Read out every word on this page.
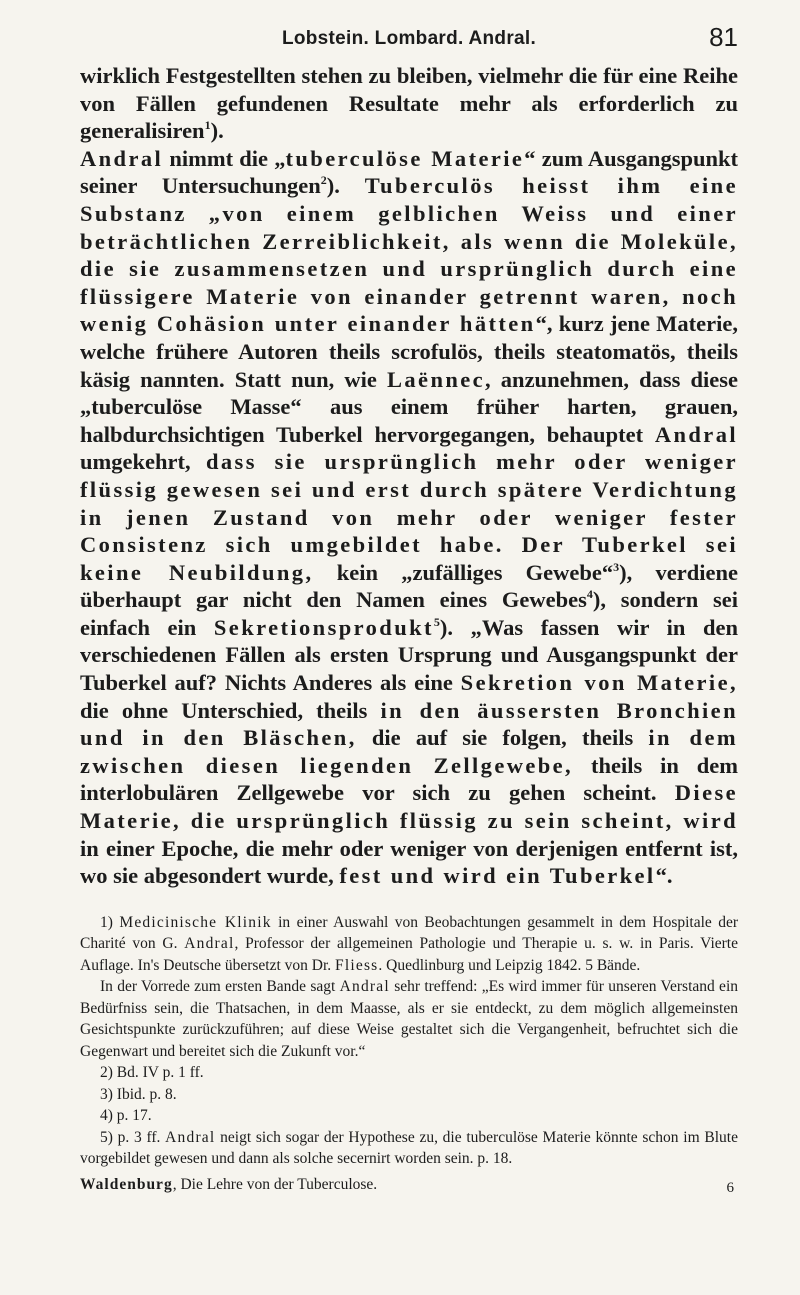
Lobstein. Lombard. Andral.	81

wirklich Festgestellten stehen zu bleiben, vielmehr die für eine Reihe von Fällen gefundenen Resultate mehr als erforderlich zu generalisiren$^1$).

Andral nimmt die „tuberculöse Materie“ zum Ausgangspunkt seiner Untersuchungen$^2$). Tuberculös heisst ihm eine Substanz „von einem gelblichen Weiss und einer beträchtlichen Zerreiblichkeit, als wenn die Moleküle, die sie zusammensetzen und ursprünglich durch eine flüssigere Materie von einander getrennt waren, noch wenig Cohäsion unter einander hätten“, kurz jene Materie, welche frühere Autoren theils scrofulös, theils steatomatös, theils käsig nannten. Statt nun, wie Laënnec, anzunehmen, dass diese „tuberculöse Masse“ aus einem früher harten, grauen, halbdurchsichtigen Tuberkel hervorgegangen, behauptet Andral umgekehrt, dass sie ursprünglich mehr oder weniger flüssig gewesen sei und erst durch spätere Verdichtung in jenen Zustand von mehr oder weniger fester Consistenz sich umgebildet habe. Der Tuberkel sei keine Neubildung, kein „zufälliges Gewebe“$^3$), verdiene überhaupt gar nicht den Namen eines Gewebes$^4$), sondern sei einfach ein Sekretionsprodukt$^5$). „Was fassen wir in den verschiedenen Fällen als ersten Ursprung und Ausgangspunkt der Tuberkel auf? Nichts Anderes als eine Sekretion von Materie, die ohne Unterschied, theils in den äussersten Bronchien und in den Bläschen, die auf sie folgen, theils in dem zwischen diesen liegenden Zellgewebe, theils in dem interlobulären Zellgewebe vor sich zu gehen scheint. Diese Materie, die ursprünglich flüssig zu sein scheint, wird in einer Epoche, die mehr oder weniger von derjenigen entfernt ist, wo sie abgesondert wurde, fest und wird ein Tuberkel“.

1) Medicinische Klinik in einer Auswahl von Beobachtungen gesammelt in dem Hospitale der Charité von G. Andral, Professor der allgemeinen Pathologie und Therapie u. s. w. in Paris. Vierte Auflage. In's Deutsche übersetzt von Dr. Fliess. Quedlinburg und Leipzig 1842. 5 Bände.

In der Vorrede zum ersten Bande sagt Andral sehr treffend: „Es wird immer für unseren Verstand ein Bedürfniss sein, die Thatsachen, in dem Maasse, als er sie entdeckt, zu dem möglich allgemeinsten Gesichtspunkte zurückzuführen; auf diese Weise gestaltet sich die Vergangenheit, befruchtet sich die Gegenwart und bereitet sich die Zukunft vor.“

2) Bd. IV p. 1 ff.

3) Ibid. p. 8.

4) p. 17.

5) p. 3 ff. Andral neigt sich sogar der Hypothese zu, die tuberculöse Materie könnte schon im Blute vorgebildet gewesen und dann als solche secernirt worden sein. p. 18.

Waldenburg, Die Lehre von der Tuberculose.	6
